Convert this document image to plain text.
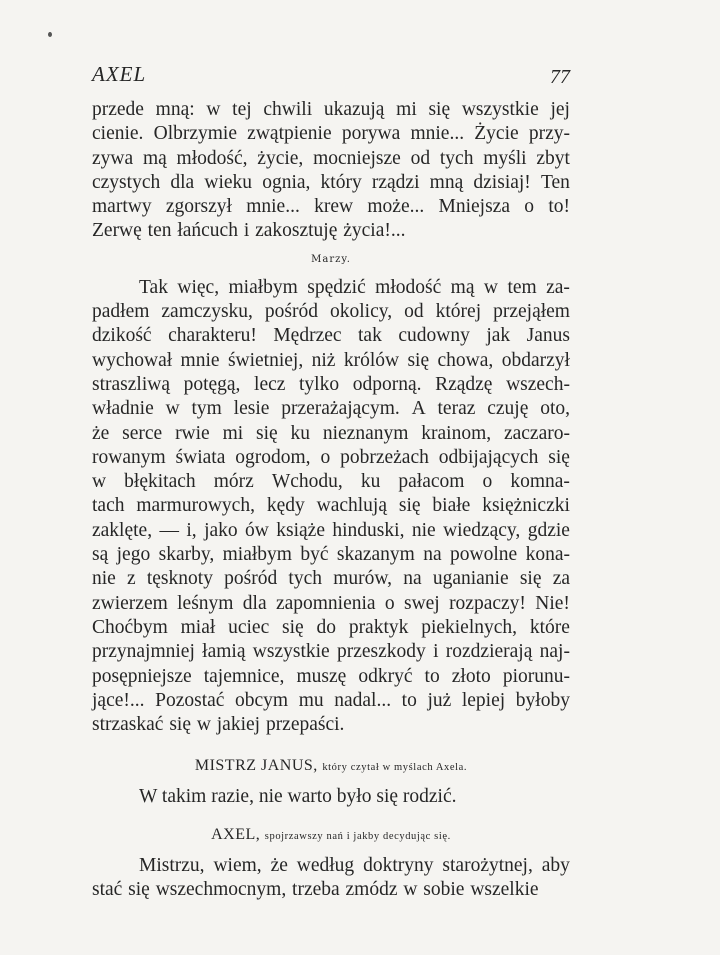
AXEL	77
przede mną: w tej chwili ukazują mi się wszystkie jej
cienie. Olbrzymie zwątpienie porywa mnie... Życie przy-
zywa mą młodość, życie, mocniejsze od tych myśli zbyt
czystych dla wieku ognia, który rządzi mną dzisiaj! Ten
martwy zgorszył mnie... krew może... Mniejsza o to!
Zerwę ten łańcuch i zakosztuję życia!...
Marzy.
Tak więc, miałbym spędzić młodość mą w tem za-
padłem zamczysku, pośród okolicy, od której przejąłem
dzikość charakteru! Mędrzec tak cudowny jak Janus
wychował mnie świetniej, niż królów się chowa, obdarzył
straszliwą potęgą, lecz tylko odporną. Rządzę wszech-
władnie w tym lesie przerażającym. A teraz czuję oto,
że serce rwie mi się ku nieznanym krainom, zaczaro-
rowanym świata ogrodom, o pobrzeżach odbijających się
w błękitach mórz Wchodu, ku pałacom o komna-
tach marmurowych, kędy wachlują się białe księżniczki
zaklęte, — i, jako ów książe hinduski, nie wiedzący, gdzie
są jego skarby, miałbym być skazanym na powolne kona-
nie z tęsknoty pośród tych murów, na uganianie się za
zwierzem leśnym dla zapomnienia o swej rozpaczy! Nie!
Choćbym miał uciec się do praktyk piekielnych, które
przynajmniej łamią wszystkie przeszkody i rozdzierają naj-
posępniejsze tajemnice, muszę odkryć to złoto piorunu-
jące!... Pozostać obcym mu nadal... to już lepiej byłoby
strzaskać się w jakiej przepaści.
MISTRZ JANUS, który czytał w myślach Axela.
W takim razie, nie warto było się rodzić.
AXEL, spojrzawszy nań i jakby decydując się.
Mistrzu, wiem, że według doktryny starożytnej, aby
stać się wszechmocnym, trzeba zmódz w sobie wszelkie
